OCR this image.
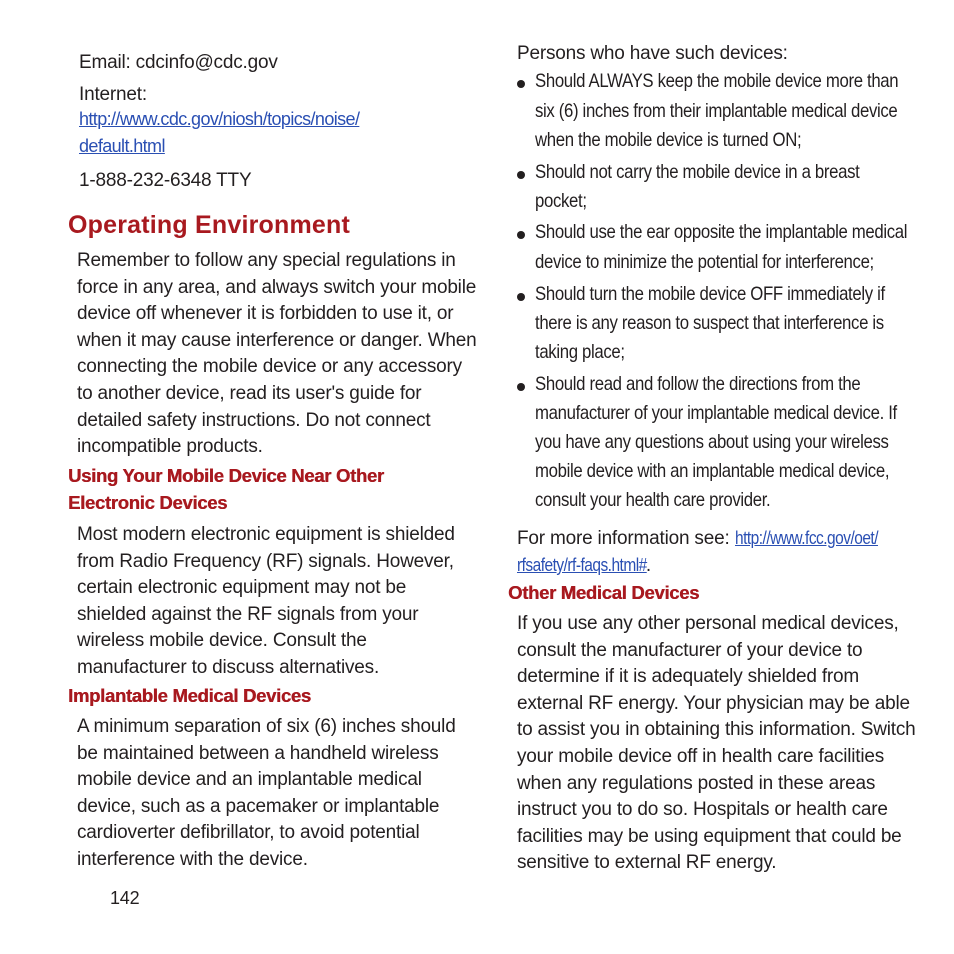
Email: cdcinfo@cdc.gov
Internet:
http://www.cdc.gov/niosh/topics/noise/
default.html
1-888-232-6348 TTY
Operating Environment
Remember to follow any special regulations in
force in any area, and always switch your mobile
device off whenever it is forbidden to use it, or
when it may cause interference or danger. When
connecting the mobile device or any accessory
to another device, read its user's guide for
detailed safety instructions. Do not connect
incompatible products.
Using Your Mobile Device Near Other
Electronic Devices
Most modern electronic equipment is shielded
from Radio Frequency (RF) signals. However,
certain electronic equipment may not be
shielded against the RF signals from your
wireless mobile device. Consult the
manufacturer to discuss alternatives.
Implantable Medical Devices
A minimum separation of six (6) inches should
be maintained between a handheld wireless
mobile device and an implantable medical
device, such as a pacemaker or implantable
cardioverter defibrillator, to avoid potential
interference with the device.
142
Persons who have such devices:
Should ALWAYS keep the mobile device more than
six (6) inches from their implantable medical device
when the mobile device is turned ON;
Should not carry the mobile device in a breast
pocket;
Should use the ear opposite the implantable medical
device to minimize the potential for interference;
Should turn the mobile device OFF immediately if
there is any reason to suspect that interference is
taking place;
Should read and follow the directions from the
manufacturer of your implantable medical device. If
you have any questions about using your wireless
mobile device with an implantable medical device,
consult your health care provider.
For more information see: http://www.fcc.gov/oet/
rfsafety/rf-faqs.html#.
Other Medical Devices
If you use any other personal medical devices,
consult the manufacturer of your device to
determine if it is adequately shielded from
external RF energy. Your physician may be able
to assist you in obtaining this information. Switch
your mobile device off in health care facilities
when any regulations posted in these areas
instruct you to do so. Hospitals or health care
facilities may be using equipment that could be
sensitive to external RF energy.
